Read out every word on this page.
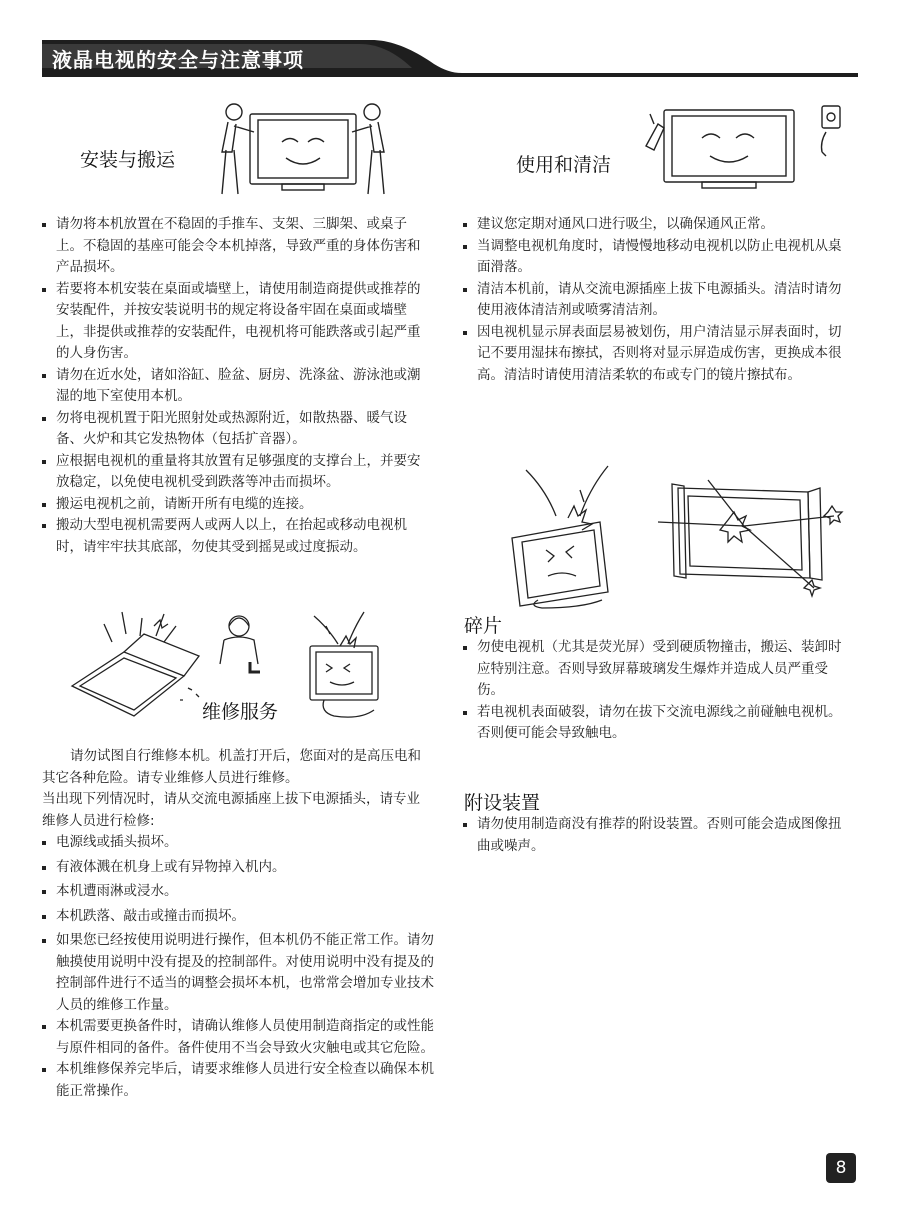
液晶电视的安全与注意事项
安装与搬运
请勿将本机放置在不稳固的手推车、支架、三脚架、或桌子上。不稳固的基座可能会令本机掉落，导致严重的身体伤害和产品损坏。
若要将本机安装在桌面或墙壁上，请使用制造商提供或推荐的安装配件，并按安装说明书的规定将设备牢固在桌面或墙壁上，非提供或推荐的安装配件，电视机将可能跌落或引起严重的人身伤害。
请勿在近水处，诸如浴缸、脸盆、厨房、洗涤盆、游泳池或潮湿的地下室使用本机。
勿将电视机置于阳光照射处或热源附近，如散热器、暖气设备、火炉和其它发热物体（包括扩音器）。
应根据电视机的重量将其放置有足够强度的支撑台上，并要安放稳定，以免使电视机受到跌落等冲击而损坏。
搬运电视机之前，请断开所有电缆的连接。
搬动大型电视机需要两人或两人以上，在抬起或移动电视机时，请牢牢扶其底部，勿使其受到摇晃或过度振动。
维修服务

请勿试图自行维修本机。机盖打开后，您面对的是高压电和其它各种危险。请专业维修人员进行维修。

当出现下列情况时，请从交流电源插座上拔下电源插头，请专业维修人员进行检修:

电源线或插头损坏。
有液体溅在机身上或有异物掉入机内。
本机遭雨淋或浸水。
本机跌落、敲击或撞击而损坏。
如果您已经按使用说明进行操作，但本机仍不能正常工作。请勿触摸使用说明中没有提及的控制部件。对使用说明中没有提及的控制部件进行不适当的调整会损坏本机，也常常会增加专业技术人员的维修工作量。
本机需要更换备件时，请确认维修人员使用制造商指定的或性能与原件相同的备件。备件使用不当会导致火灾触电或其它危险。
本机维修保养完毕后，请要求维修人员进行安全检查以确保本机能正常操作。
使用和清洁
建议您定期对通风口进行吸尘，以确保通风正常。
当调整电视机角度时，请慢慢地移动电视机以防止电视机从桌面滑落。
清洁本机前，请从交流电源插座上拔下电源插头。清洁时请勿使用液体清洁剂或喷雾清洁剂。
因电视机显示屏表面层易被划伤，用户清洁显示屏表面时，切记不要用湿抹布擦拭，否则将对显示屏造成伤害，更换成本很高。清洁时请使用清洁柔软的布或专门的镜片擦拭布。
碎片
勿使电视机（尤其是荧光屏）受到硬质物撞击，搬运、装卸时应特别注意。否则导致屏幕玻璃发生爆炸并造成人员严重受伤。
若电视机表面破裂，请勿在拔下交流电源线之前碰触电视机。否则便可能会导致触电。
附设装置
请勿使用制造商没有推荐的附设装置。否则可能会造成图像扭曲或噪声。
8
